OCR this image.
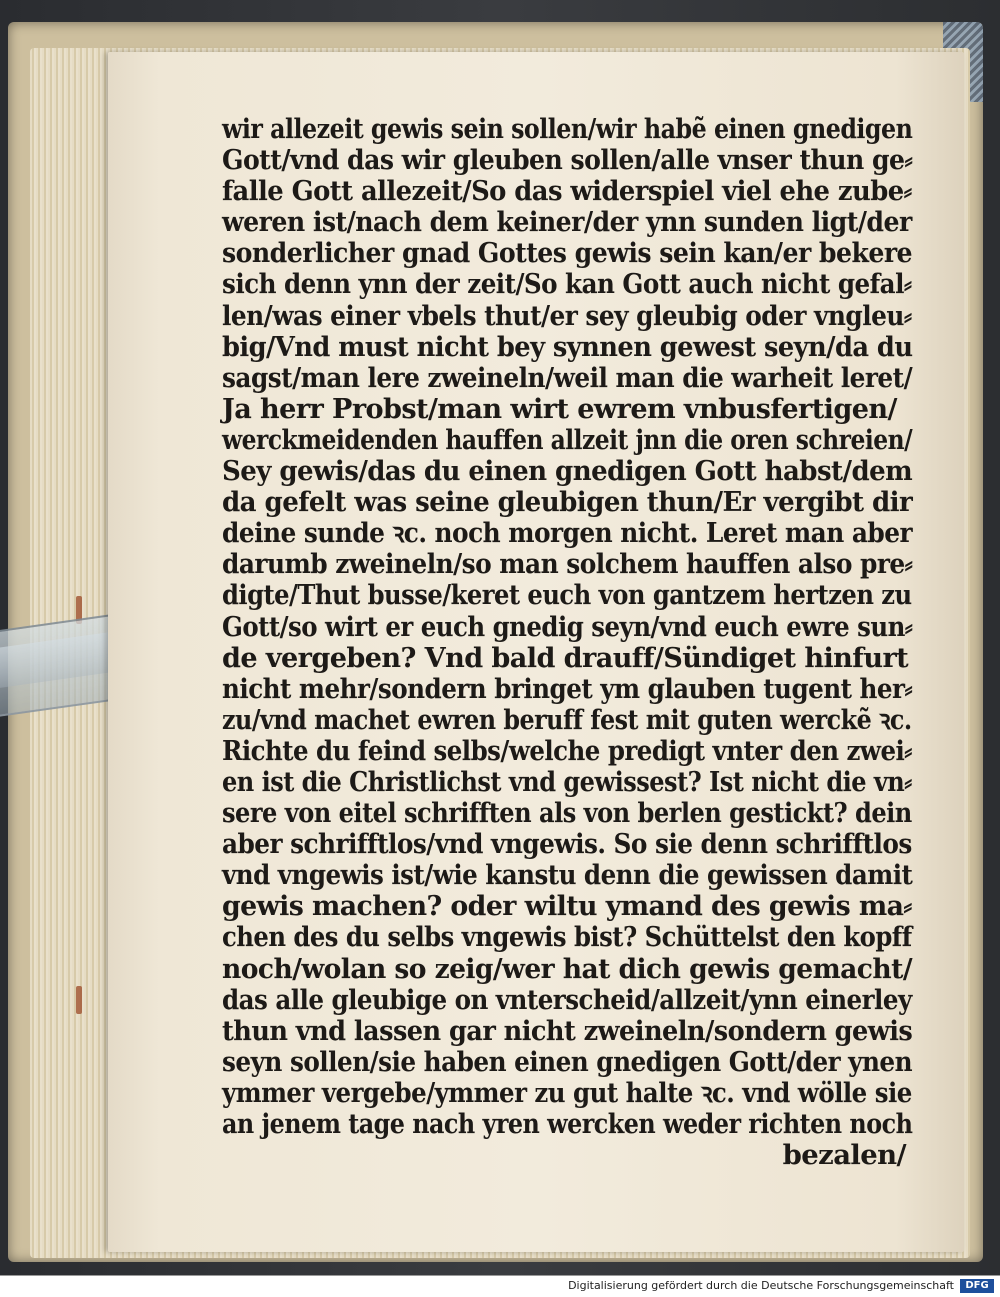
wir allezeit gewis sein sollen/wir habẽ einen gnedigen
Gott/vnd das wir gleuben sollen/alle vnser thun ge⸗
falle Gott allezeit/So das widerspiel viel ehe zube⸗
weren ist/nach dem keiner/der ynn sunden ligt/der
sonderlicher gnad Gottes gewis sein kan/er bekere
sich denn ynn der zeit/So kan Gott auch nicht gefal⸗
len/was einer vbels thut/er sey gleubig oder vngleu⸗
big/Vnd must nicht bey synnen gewest seyn/da du
sagst/man lere zweineln/weil man die warheit leret/
Ja herr Probst/man wirt ewrem vnbusfertigen/
werckmeidenden hauffen allzeit jnn die oren schreien/
Sey gewis/das du einen gnedigen Gott habst/dem
da gefelt was seine gleubigen thun/Er vergibt dir
deine sunde ꝛc. noch morgen nicht. Leret man aber
darumb zweineln/so man solchem hauffen also pre⸗
digte/Thut busse/keret euch von gantzem hertzen zu
Gott/so wirt er euch gnedig seyn/vnd euch ewre sun⸗
de vergeben? Vnd bald drauff/Sündiget hinfurt
nicht mehr/sondern bringet ym glauben tugent her⸗
zu/vnd machet ewren beruff fest mit guten werckẽ ꝛc.
Richte du feind selbs/welche predigt vnter den zwei⸗
en ist die Christlichst vnd gewissest? Ist nicht die vn⸗
sere von eitel schrifften als von berlen gestickt? dein
aber schrifftlos/vnd vngewis. So sie denn schrifftlos
vnd vngewis ist/wie kanstu denn die gewissen damit
gewis machen? oder wiltu ymand des gewis ma⸗
chen des du selbs vngewis bist? Schüttelst den kopff
noch/wolan so zeig/wer hat dich gewis gemacht/
das alle gleubige on vnterscheid/allzeit/ynn einerley
thun vnd lassen gar nicht zweineln/sondern gewis
seyn sollen/sie haben einen gnedigen Gott/der ynen
ymmer vergebe/ymmer zu gut halte ꝛc. vnd wölle sie
an jenem tage nach yren wercken weder richten noch
bezalen/
Digitalisierung gefördert durch die Deutsche Forschungsgemeinschaft	DFG
